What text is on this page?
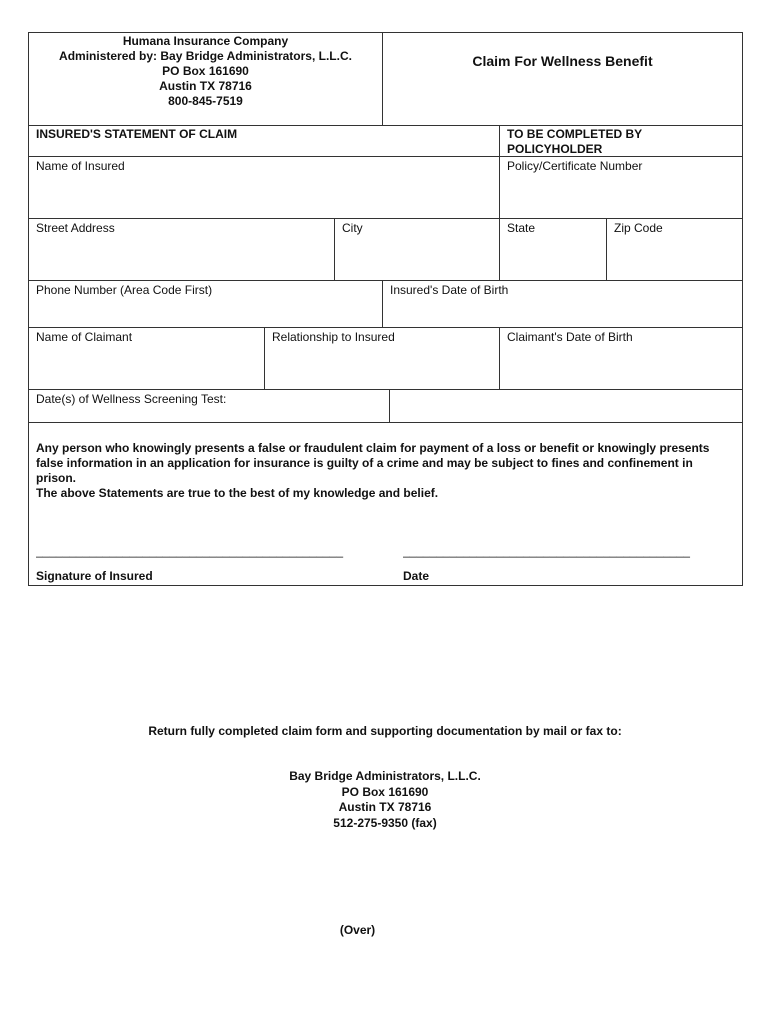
Humana Insurance Company
Administered by: Bay Bridge Administrators, L.L.C.
PO Box 161690
Austin TX 78716
800-845-7519
Claim For Wellness Benefit
INSURED'S STATEMENT OF CLAIM	TO BE COMPLETED BY POLICYHOLDER
Name of Insured	Policy/Certificate Number
Street Address	City	State	Zip Code
Phone Number (Area Code First)	Insured's Date of Birth
Name of Claimant	Relationship to Insured	Claimant's Date of Birth
Date(s) of Wellness Screening Test:

Any person who knowingly presents a false or fraudulent claim for payment of a loss or benefit or knowingly presents false information in an application for insurance is guilty of a crime and may be subject to fines and confinement in prison.

The above Statements are true to the best of my knowledge and belief.

______________________________________________	___________________________________________
Signature of Insured	Date
Return fully completed claim form and supporting documentation by mail or fax to:
Bay Bridge Administrators, L.L.C.
PO Box 161690
Austin TX 78716
512-275-9350 (fax)
(Over)
